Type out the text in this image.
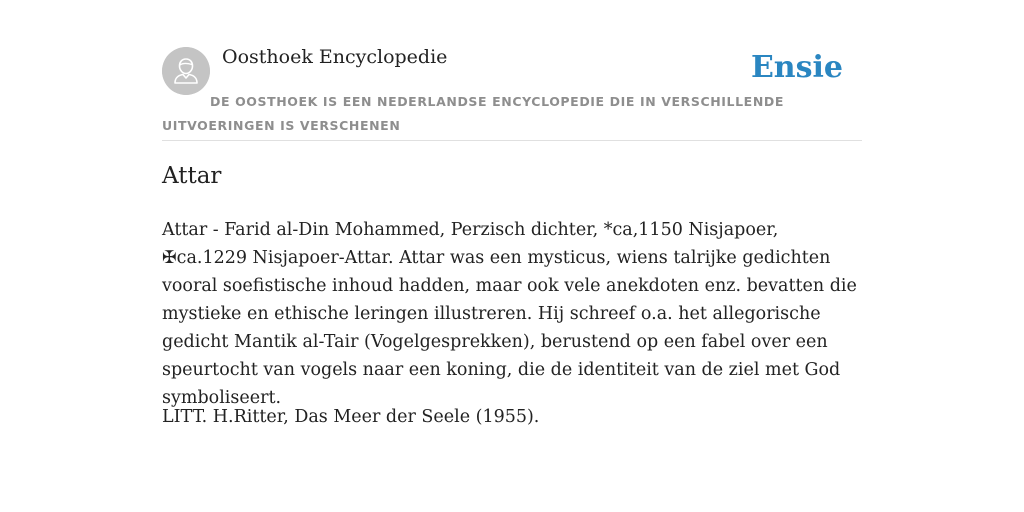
Oosthoek Encyclopedie	Ensie
DE OOSTHOEK IS EEN NEDERLANDSE ENCYCLOPEDIE DIE IN VERSCHILLENDE UITVOERINGEN IS VERSCHENEN
Attar

Attar - Farid al-Din Mohammed, Perzisch dichter, *ca,1150 Nisjapoer, ✠ca.1229 Nisjapoer-Attar. Attar was een mysticus, wiens talrijke gedichten vooral soefistische inhoud hadden, maar ook vele anekdoten enz. bevatten die mystieke en ethische leringen illustreren. Hij schreef o.a. het allegorische gedicht Mantik al-Tair (Vogelgesprekken), berustend op een fabel over een speurtocht van vogels naar een koning, die de identiteit van de ziel met God symboliseert.

LITT. H.Ritter, Das Meer der Seele (1955).
